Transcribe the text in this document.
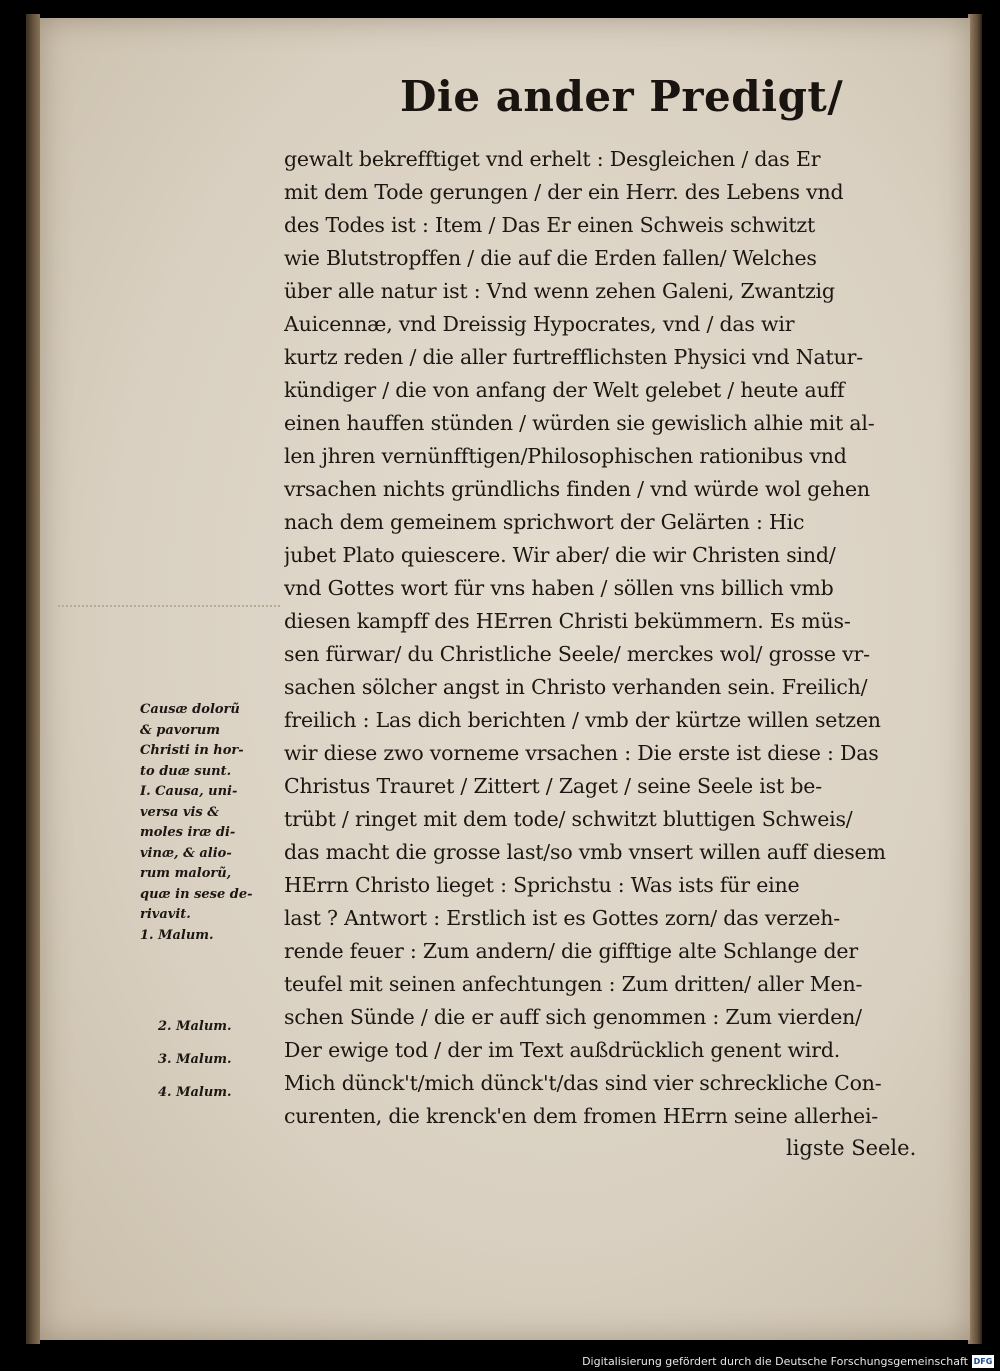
Die ander Predigt/
gewalt bekrefftiget vnd erhelt : Desgleichen / das Er
mit dem Tode gerungen / der ein Herr. des Lebens vnd
des Todes ist : Item / Das Er einen Schweis schwitzt
wie Blutstropffen / die auf die Erden fallen/ Welches
über alle natur ist : Vnd wenn zehen Galeni, Zwantzig
Auicennæ, vnd Dreissig Hypocrates, vnd / das wir
kurtz reden / die aller furtrefflichsten Physici vnd Natur-
kündiger / die von anfang der Welt gelebet / heute auff
einen hauffen stünden / würden sie gewislich alhie mit al-
len jhren vernünfftigen/Philosophischen rationibus vnd
vrsachen nichts gründlichs finden / vnd würde wol gehen
nach dem gemeinem sprichwort der Gelärten : Hic
jubet Plato quiescere. Wir aber/ die wir Christen sind/
vnd Gottes wort für vns haben / söllen vns billich vmb
diesen kampff des HErren Christi bekümmern. Es müs-
sen fürwar/ du Christliche Seele/ merckes wol/ grosse vr-
sachen sölcher angst in Christo verhanden sein. Freilich/
freilich : Las dich berichten / vmb der kürtze willen setzen
wir diese zwo vorneme vrsachen : Die erste ist diese : Das
Christus Trauret / Zittert / Zaget / seine Seele ist be-
trübt / ringet mit dem tode/ schwitzt bluttigen Schweis/
das macht die grosse last/so vmb vnsert willen auff diesem
HErrn Christo lieget : Sprichstu : Was ists für eine
last ? Antwort : Erstlich ist es Gottes zorn/ das verzeh-
rende feuer : Zum andern/ die gifftige alte Schlange der
teufel mit seinen anfechtungen : Zum dritten/ aller Men-
schen Sünde / die er auff sich genommen : Zum vierden/
Der ewige tod / der im Text außdrücklich genent wird.
Mich dünck't/mich dünck't/das sind vier schreckliche Con-
curenten, die krenck'en dem fromen HErrn seine allerhei-
ligste Seele.
Causæ dolorũ
& pavorum
Christi in hor-
to duæ sunt.
I. Causa, uni-
versa vis &
moles iræ di-
vinæ, & alio-
rum malorũ,
quæ in sese de-
rivavit.
1. Malum.
2. Malum.
3. Malum.
4. Malum.
Digitalisierung gefördert durch die Deutsche Forschungsgemeinschaft DFG
